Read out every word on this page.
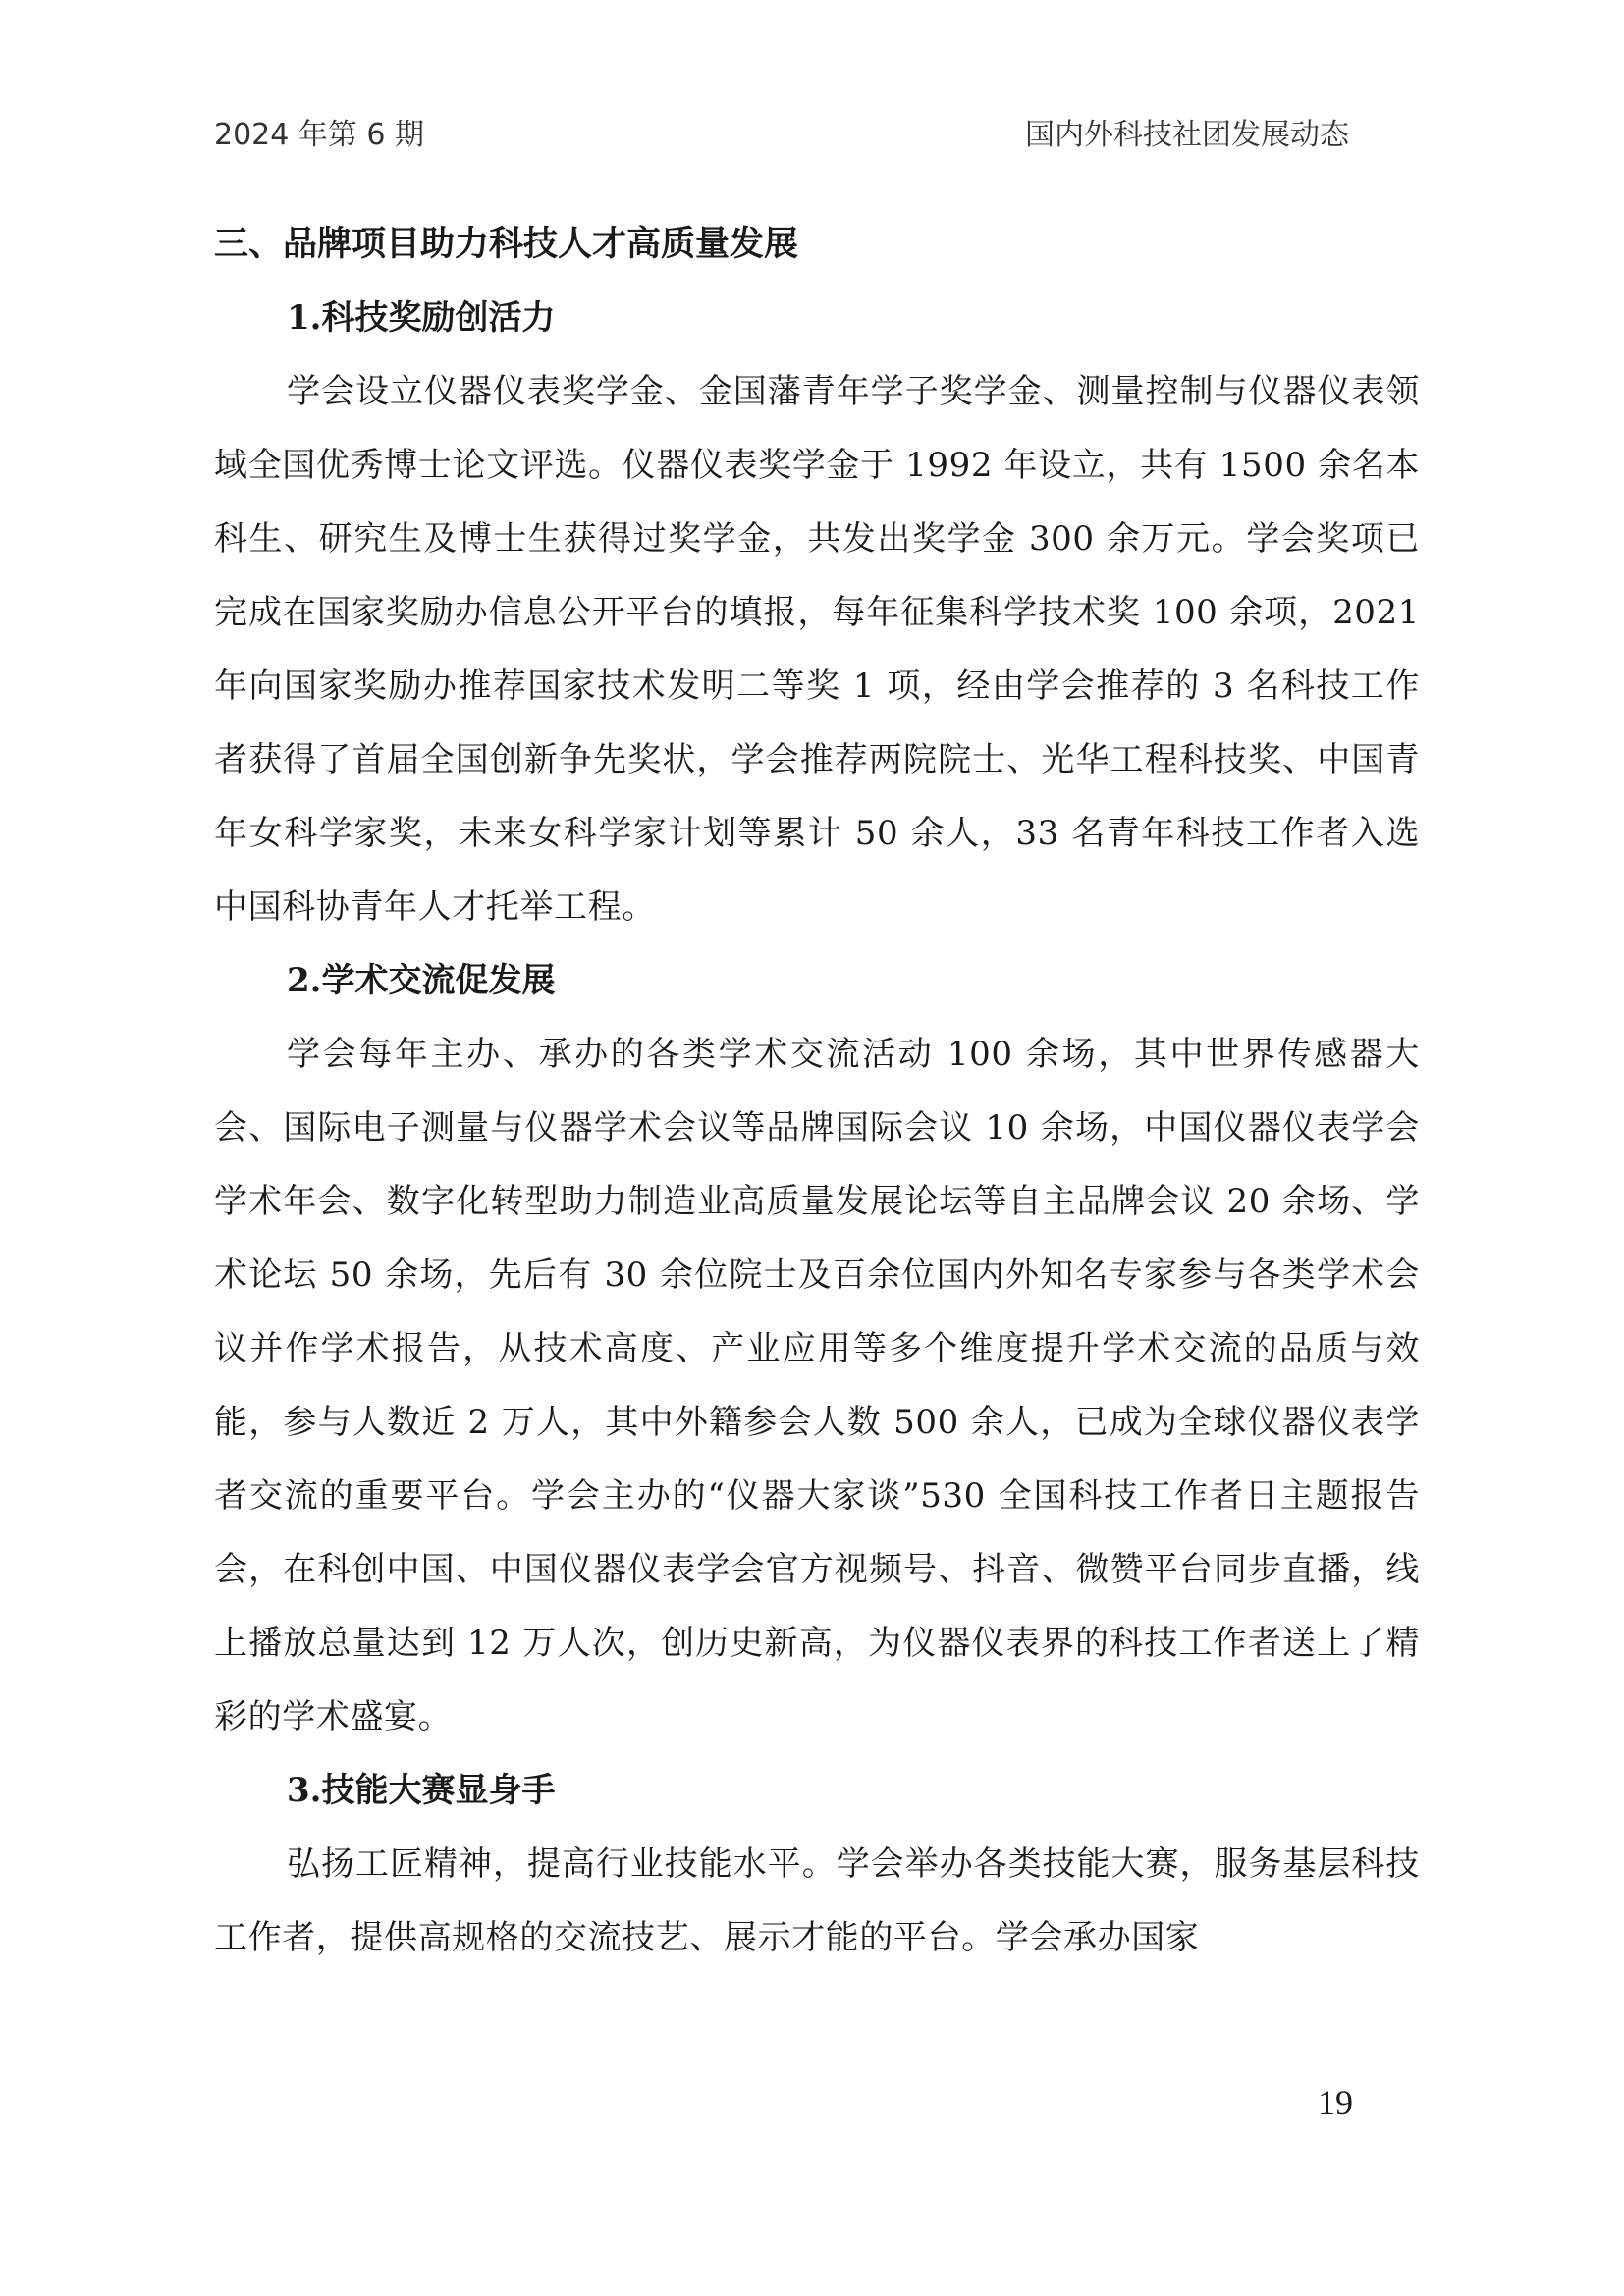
2024 年第 6 期	国内外科技社团发展动态

三、品牌项目助力科技人才高质量发展
1.科技奖励创活力

学会设立仪器仪表奖学金、金国藩青年学子奖学金、测量控制与仪器仪表领域全国优秀博士论文评选。仪器仪表奖学金于 1992 年设立，共有 1500 余名本科生、研究生及博士生获得过奖学金，共发出奖学金 300 余万元。学会奖项已完成在国家奖励办信息公开平台的填报，每年征集科学技术奖 100 余项，2021 年向国家奖励办推荐国家技术发明二等奖 1 项，经由学会推荐的 3 名科技工作者获得了首届全国创新争先奖状，学会推荐两院院士、光华工程科技奖、中国青年女科学家奖，未来女科学家计划等累计 50 余人，33 名青年科技工作者入选中国科协青年人才托举工程。

2.学术交流促发展

学会每年主办、承办的各类学术交流活动 100 余场，其中世界传感器大会、国际电子测量与仪器学术会议等品牌国际会议 10 余场，中国仪器仪表学会学术年会、数字化转型助力制造业高质量发展论坛等自主品牌会议 20 余场、学术论坛 50 余场，先后有 30 余位院士及百余位国内外知名专家参与各类学术会议并作学术报告，从技术高度、产业应用等多个维度提升学术交流的品质与效能，参与人数近 2 万人，其中外籍参会人数 500 余人，已成为全球仪器仪表学者交流的重要平台。学会主办的“仪器大家谈”530 全国科技工作者日主题报告会，在科创中国、中国仪器仪表学会官方视频号、抖音、微赞平台同步直播，线上播放总量达到 12 万人次，创历史新高，为仪器仪表界的科技工作者送上了精彩的学术盛宴。

3.技能大赛显身手

弘扬工匠精神，提高行业技能水平。学会举办各类技能大赛，服务基层科技工作者，提供高规格的交流技艺、展示才能的平台。学会承办国家

19
